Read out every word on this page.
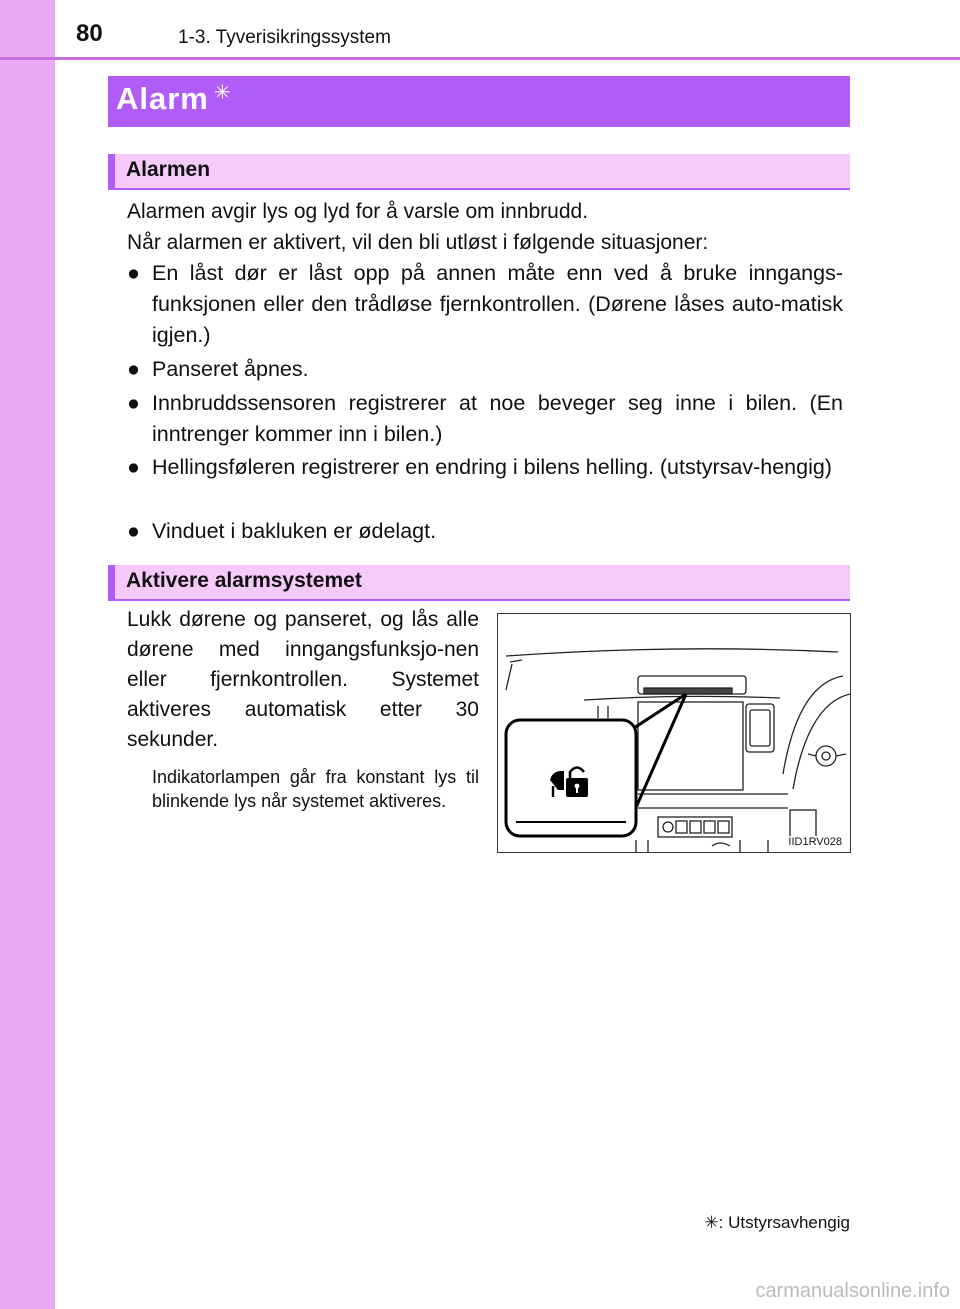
80	1-3. Tyverisikringssystem
Alarm ✳
Alarmen
Alarmen avgir lys og lyd for å varsle om innbrudd.
Når alarmen er aktivert, vil den bli utløst i følgende situasjoner:
● En låst dør er låst opp på annen måte enn ved å bruke inngangs-funksjonen eller den trådløse fjernkontrollen. (Dørene låses auto-matisk igjen.)
● Panseret åpnes.
● Innbruddssensoren registrerer at noe beveger seg inne i bilen. (En inntrenger kommer inn i bilen.)
● Hellingsføleren registrerer en endring i bilens helling. (utstyrsav-hengig)
● Vinduet i bakluken er ødelagt.
Aktivere alarmsystemet
Lukk dørene og panseret, og lås alle dørene med inngangsfunksjo-nen eller fjernkontrollen. Systemet aktiveres automatisk etter 30 sekunder.
Indikatorlampen går fra konstant lys til blinkende lys når systemet aktiveres.
IID1RV028
✳: Utstyrsavhengig
carmanualsonline.info
